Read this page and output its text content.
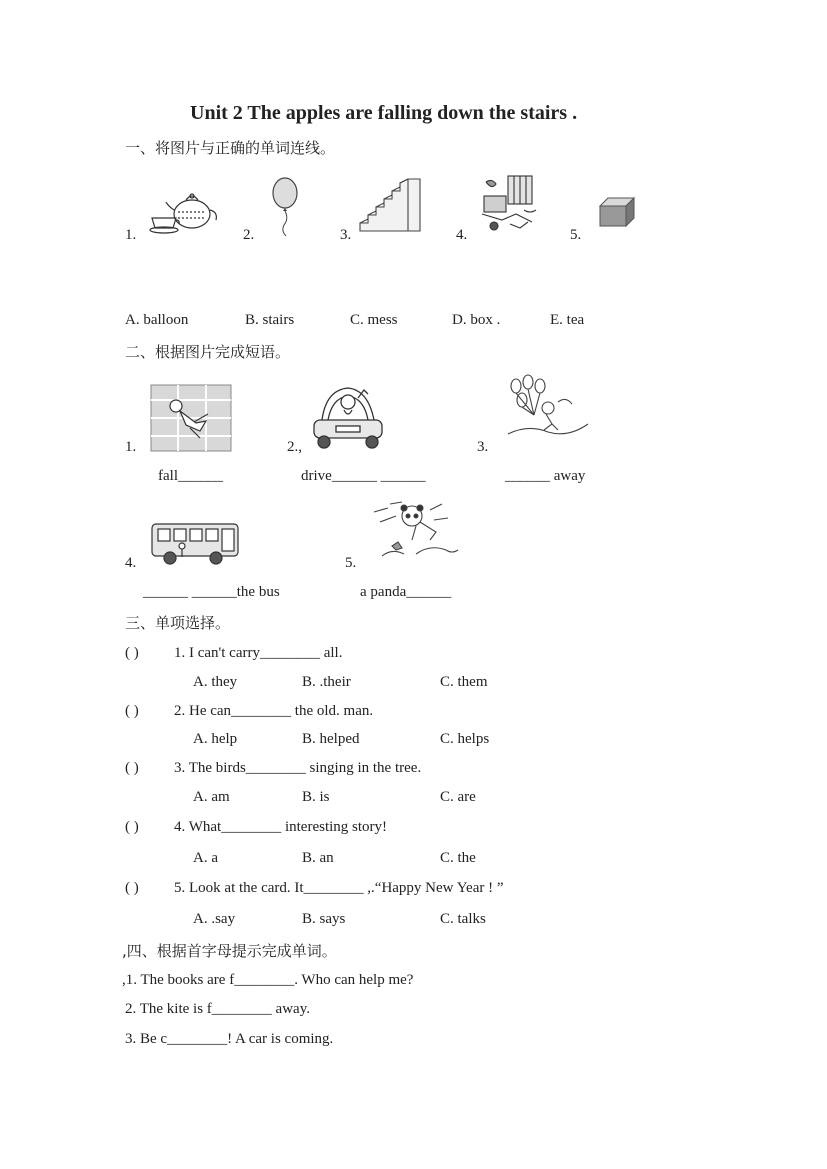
Unit 2 The apples are falling down the stairs .
一、将图片与正确的单词连线。
1.	2.	3.	4.	5.
A. balloon	B. stairs	C. mess	D. box .	E. tea
二、根据图片完成短语。
1.
fall______
2.,
drive______ ______
3.
______ away
4.
______ ______the bus
5.
a panda______
三、单项选择。
( ) 1. I can't carry________ all.
A. they	B. .their	C. them
( ) 2. He can________ the old. man.
A. help	B. helped	C. helps
( ) 3. The birds________ singing in the tree.
A. am	B. is	C. are
( ) 4. What________ interesting story!
A. a	B. an	C. the
( ) 5. Look at the card. It________ ,.“Happy New Year ! ”
A. .say	B. says	C. talks
,四、根据首字母提示完成单词。
,1. The books are f________. Who can help me?
2. The kite is f________ away.
3. Be c________! A car is coming.
